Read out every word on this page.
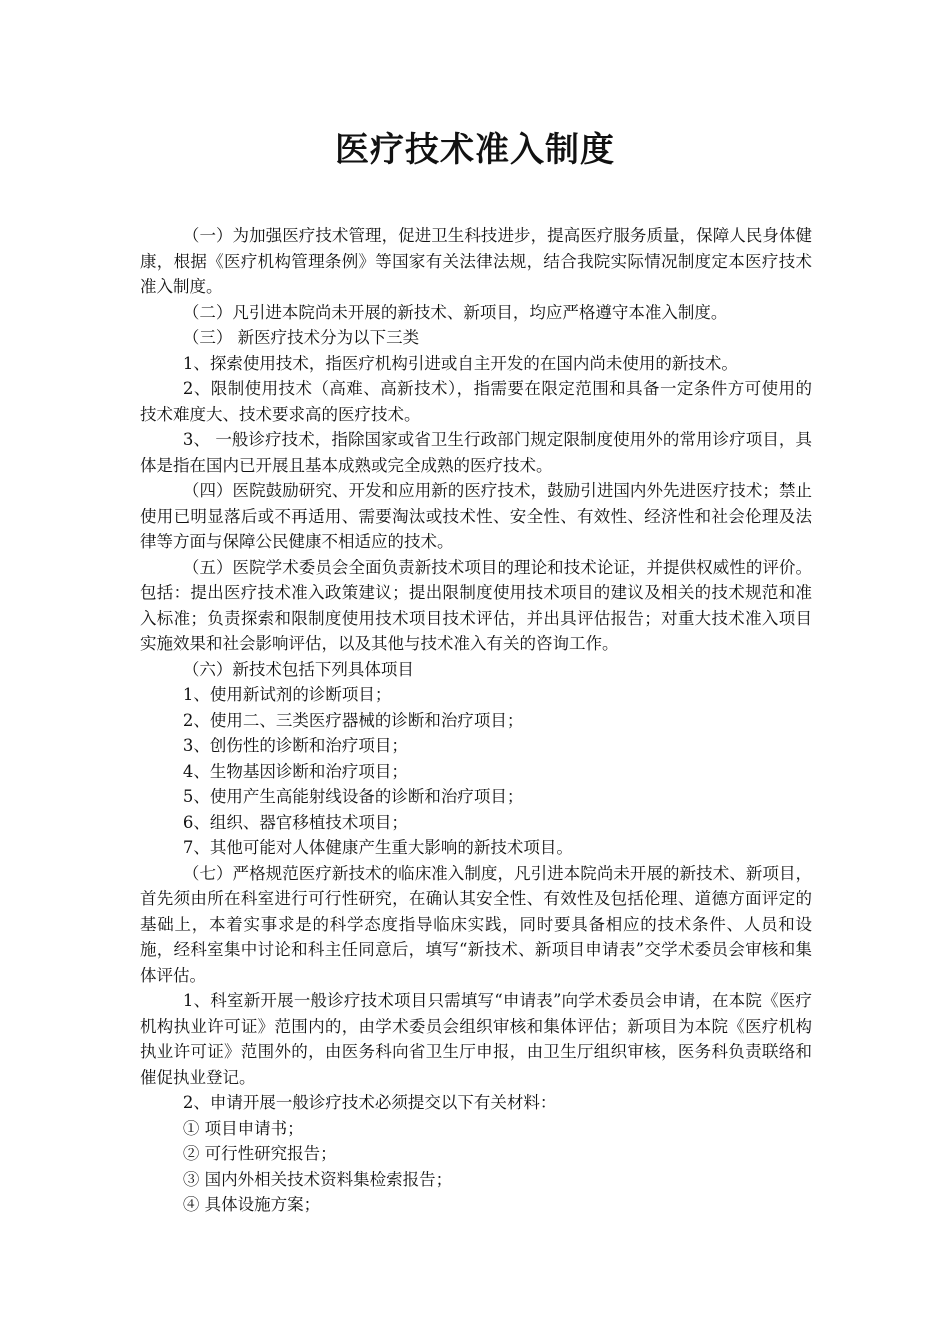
医疗技术准入制度

（一）为加强医疗技术管理，促进卫生科技进步，提高医疗服务质量，保障人民身体健康，根据《医疗机构管理条例》等国家有关法律法规，结合我院实际情况制度定本医疗技术准入制度。

（二）凡引进本院尚未开展的新技术、新项目，均应严格遵守本准入制度。

（三） 新医疗技术分为以下三类

1、探索使用技术，指医疗机构引进或自主开发的在国内尚未使用的新技术。

2、限制使用技术（高难、高新技术），指需要在限定范围和具备一定条件方可使用的技术难度大、技术要求高的医疗技术。

3、 一般诊疗技术，指除国家或省卫生行政部门规定限制度使用外的常用诊疗项目，具体是指在国内已开展且基本成熟或完全成熟的医疗技术。

（四）医院鼓励研究、开发和应用新的医疗技术，鼓励引进国内外先进医疗技术；禁止使用已明显落后或不再适用、需要淘汰或技术性、安全性、有效性、经济性和社会伦理及法律等方面与保障公民健康不相适应的技术。

（五）医院学术委员会全面负责新技术项目的理论和技术论证，并提供权威性的评价。包括：提出医疗技术准入政策建议；提出限制度使用技术项目的建议及相关的技术规范和准入标准；负责探索和限制度使用技术项目技术评估，并出具评估报告；对重大技术准入项目实施效果和社会影响评估，以及其他与技术准入有关的咨询工作。

（六）新技术包括下列具体项目

1、使用新试剂的诊断项目；

2、使用二、三类医疗器械的诊断和治疗项目；

3、创伤性的诊断和治疗项目；

4、生物基因诊断和治疗项目；

5、使用产生高能射线设备的诊断和治疗项目；

6、组织、器官移植技术项目；

7、其他可能对人体健康产生重大影响的新技术项目。

（七）严格规范医疗新技术的临床准入制度，凡引进本院尚未开展的新技术、新项目，首先须由所在科室进行可行性研究，在确认其安全性、有效性及包括伦理、道德方面评定的基础上，本着实事求是的科学态度指导临床实践，同时要具备相应的技术条件、人员和设施，经科室集中讨论和科主任同意后，填写“新技术、新项目申请表”交学术委员会审核和集体评估。

1、科室新开展一般诊疗技术项目只需填写“申请表”向学术委员会申请，在本院《医疗机构执业许可证》范围内的，由学术委员会组织审核和集体评估；新项目为本院《医疗机构执业许可证》范围外的，由医务科向省卫生厅申报，由卫生厅组织审核，医务科负责联络和催促执业登记。

2、申请开展一般诊疗技术必须提交以下有关材料：

① 项目申请书；

② 可行性研究报告；

③ 国内外相关技术资料集检索报告；

④ 具体设施方案；
